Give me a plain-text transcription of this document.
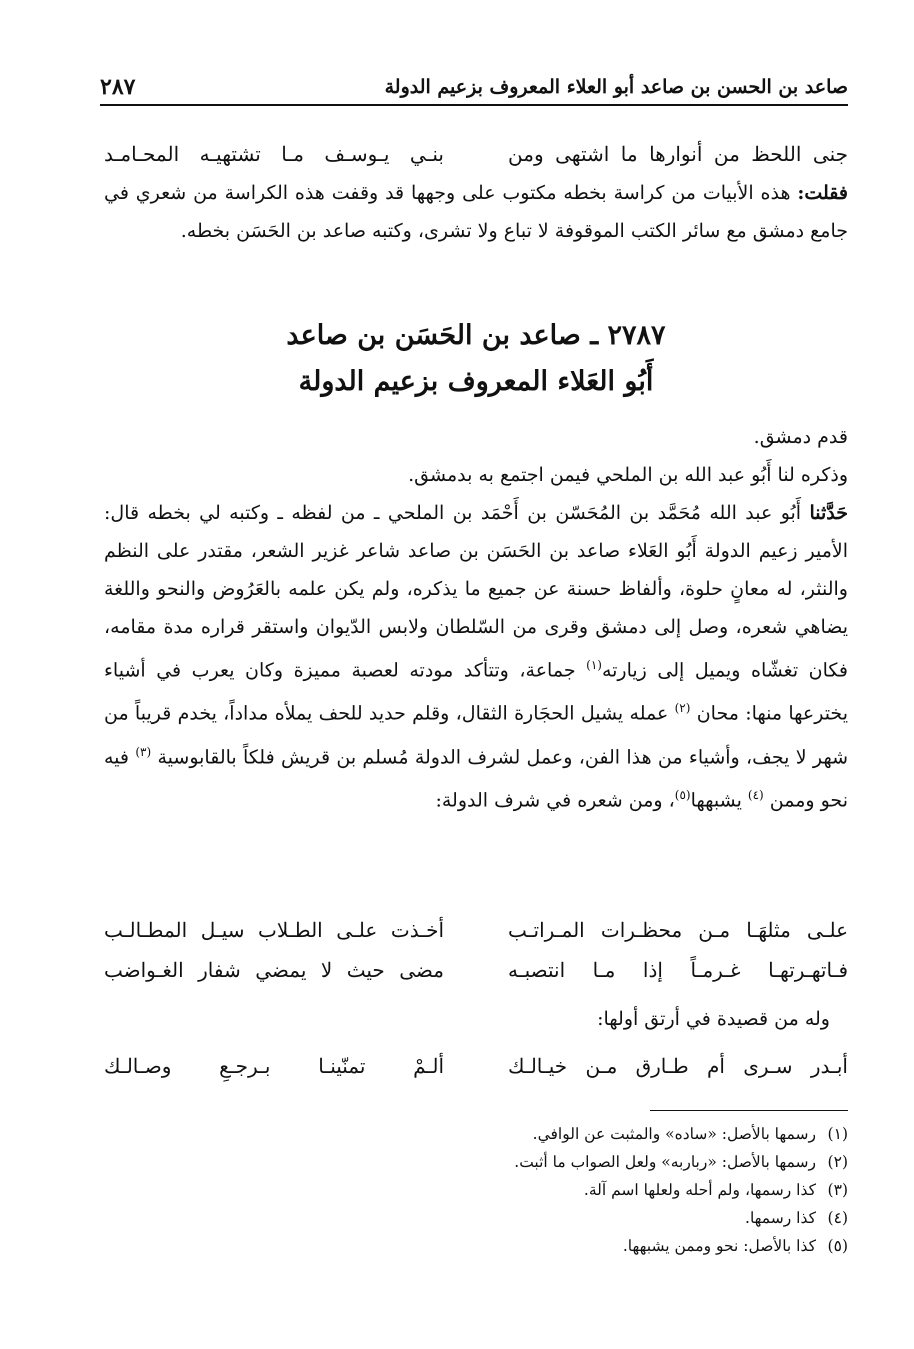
٢٨٧	صاعد بن الحسن بن صاعد أبو العلاء المعروف بزعيم الدولة
جنى اللحظ من أنوارها ما اشتهى ومن
بنـي يـوسـف مـا تشتهيـه المحـامـد
فقلت: هذه الأبيات من كراسة بخطه مكتوب على وجهها قد وقفت هذه الكراسة من شعري في جامع دمشق مع سائر الكتب الموقوفة لا تباع ولا تشرى، وكتبه صاعد بن الحَسَن بخطه.
٢٧٨٧ ـ صاعد بن الحَسَن بن صاعد
أَبُو العَلاء المعروف بزعيم الدولة
قدم دمشق.
وذكره لنا أَبُو عبد الله بن الملحي فيمن اجتمع به بدمشق.
حَدَّثنا أَبُو عبد الله مُحَمَّد بن المُحَسّن بن أَحْمَد بن الملحي ـ من لفظه ـ وكتبه لي بخطه قال: الأمير زعيم الدولة أَبُو العَلاء صاعد بن الحَسَن بن صاعد شاعر غزير الشعر، مقتدر على النظم والنثر، له معانٍ حلوة، وألفاظ حسنة عن جميع ما يذكره، ولم يكن علمه بالعَرُوض والنحو واللغة يضاهي شعره، وصل إلى دمشق وقرى من السّلطان ولابس الدّيوان واستقر قراره مدة مقامه، فكان تغشّاه ويميل إلى زيارته$^{(١)}$ جماعة، وتتأكد مودته لعصبة مميزة وكان يعرب في أشياء يخترعها منها: محان $^{(٢)}$ عمله يشيل الحجَارة الثقال، وقلم حديد للحف يملأه مداداً، يخدم قريباً من شهر لا يجف، وأشياء من هذا الفن، وعمل لشرف الدولة مُسلم بن قريش فلكاً بالقابوسية $^{(٣)}$ فيه نحو وممن $^{(٤)}$ يشبهها$^{(٥)}$، ومن شعره في شرف الدولة:
علـى مثلهَـا مـن محظـرات المـراتـب
أخـذت علـى الطـلاب سيـل المطـالـب
فـاتهـرتهـا غـرمـاً إذا مـا انتصبـه
مضى حيث لا يمضي شفار الغـواضب
وله من قصيدة في أرتق أولها:
أبـدر سـرى أم طـارق مـن خيـالـك
ألـمْ تمنّينـا بـرجـعِ وصـالـك
(١)رسمها بالأصل: «ساده» والمثبت عن الوافي.
(٢)رسمها بالأصل: «رباربه» ولعل الصواب ما أثبت.
(٣)كذا رسمها، ولم أحله ولعلها اسم آلة.
(٤)كذا رسمها.
(٥)كذا بالأصل: نحو وممن يشبهها.
